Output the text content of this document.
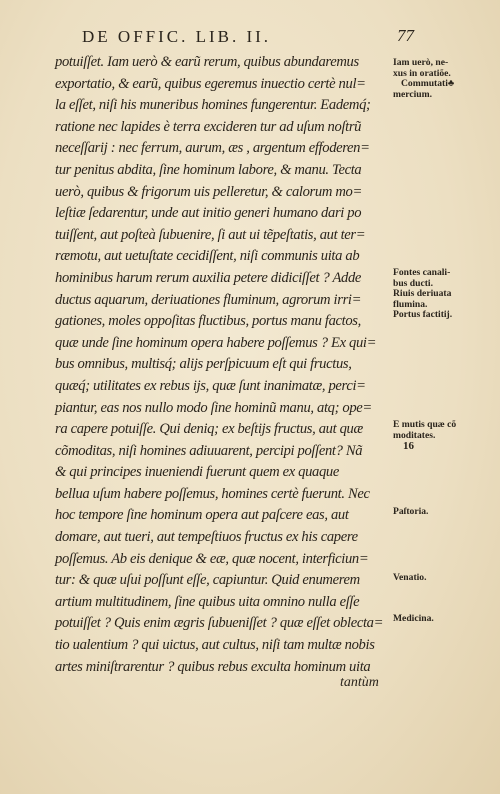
DE OFFIC. LIB. II.	77
potuiſſet. Iam uerò & earũ rerum, quibus abundaremus
exportatio, & earũ, quibus egeremus inuectio certè nul=
la eſſet, niſi his muneribus homines fungerentur. Eademq́;
ratione nec lapides è terra excideren tur ad uſum noſtrũ
neceſſarij : nec ferrum, aurum, æs , argentum effoderen=
tur penitus abdita, ſine hominum labore, & manu. Tecta
uerò, quibus & frigorum uis pelleretur, & calorum mo=
leſtiæ ſedarentur, unde aut initio generi humano dari po
tuiſſent, aut poſteà ſubuenire, ſi aut ui tẽpeſtatis, aut ter=
ræmotu, aut uetuſtate cecidiſſent, niſi communis uita ab
hominibus harum rerum auxilia petere didiciſſet ? Adde
ductus aquarum, deriuationes fluminum, agrorum irri=
gationes, moles oppoſitas fluctibus, portus manu factos,
quæ unde ſine hominum opera habere poſſemus ? Ex qui=
bus omnibus, multisq́; alijs perſpicuum eſt qui fructus,
quæq́; utilitates ex rebus ijs, quæ ſunt inanimatæ, perci=
piantur, eas nos nullo modo ſine hominũ manu, atq; ope=
ra capere potuiſſe. Qui deniq; ex beſtijs fructus, aut quæ
cõmoditas, niſi homines adiuuarent, percipi poſſent? Nã
& qui principes inueniendi fuerunt quem ex quaque
bellua uſum habere poſſemus, homines certè fuerunt. Nec
hoc tempore ſine hominum opera aut paſcere eas, aut
domare, aut tueri, aut tempeſtiuos fructus ex his capere
poſſemus. Ab eis denique & eæ, quæ nocent, interficiun=
tur: & quæ uſui poſſunt eſſe, capiuntur. Quid enumerem
artium multitudinem, ſine quibus uita omnino nulla eſſe
potuiſſet ? Quis enim ægris ſubueniſſet ? quæ eſſet oblecta=
tio ualentium ? qui uictus, aut cultus, niſi tam multæ nobis
artes miniſtrarentur ? quibus rebus exculta hominum uita
tantùm
Iam uerò, ne-
xus in oratiõe.
Commutati♣
mercium.
Fontes canali-
bus ducti.
Riuis deriuata
flumina.
Portus factitij.
E mutis quæ cõ
moditates.
16
Paſtoria.
Venatio.
Medicina.
